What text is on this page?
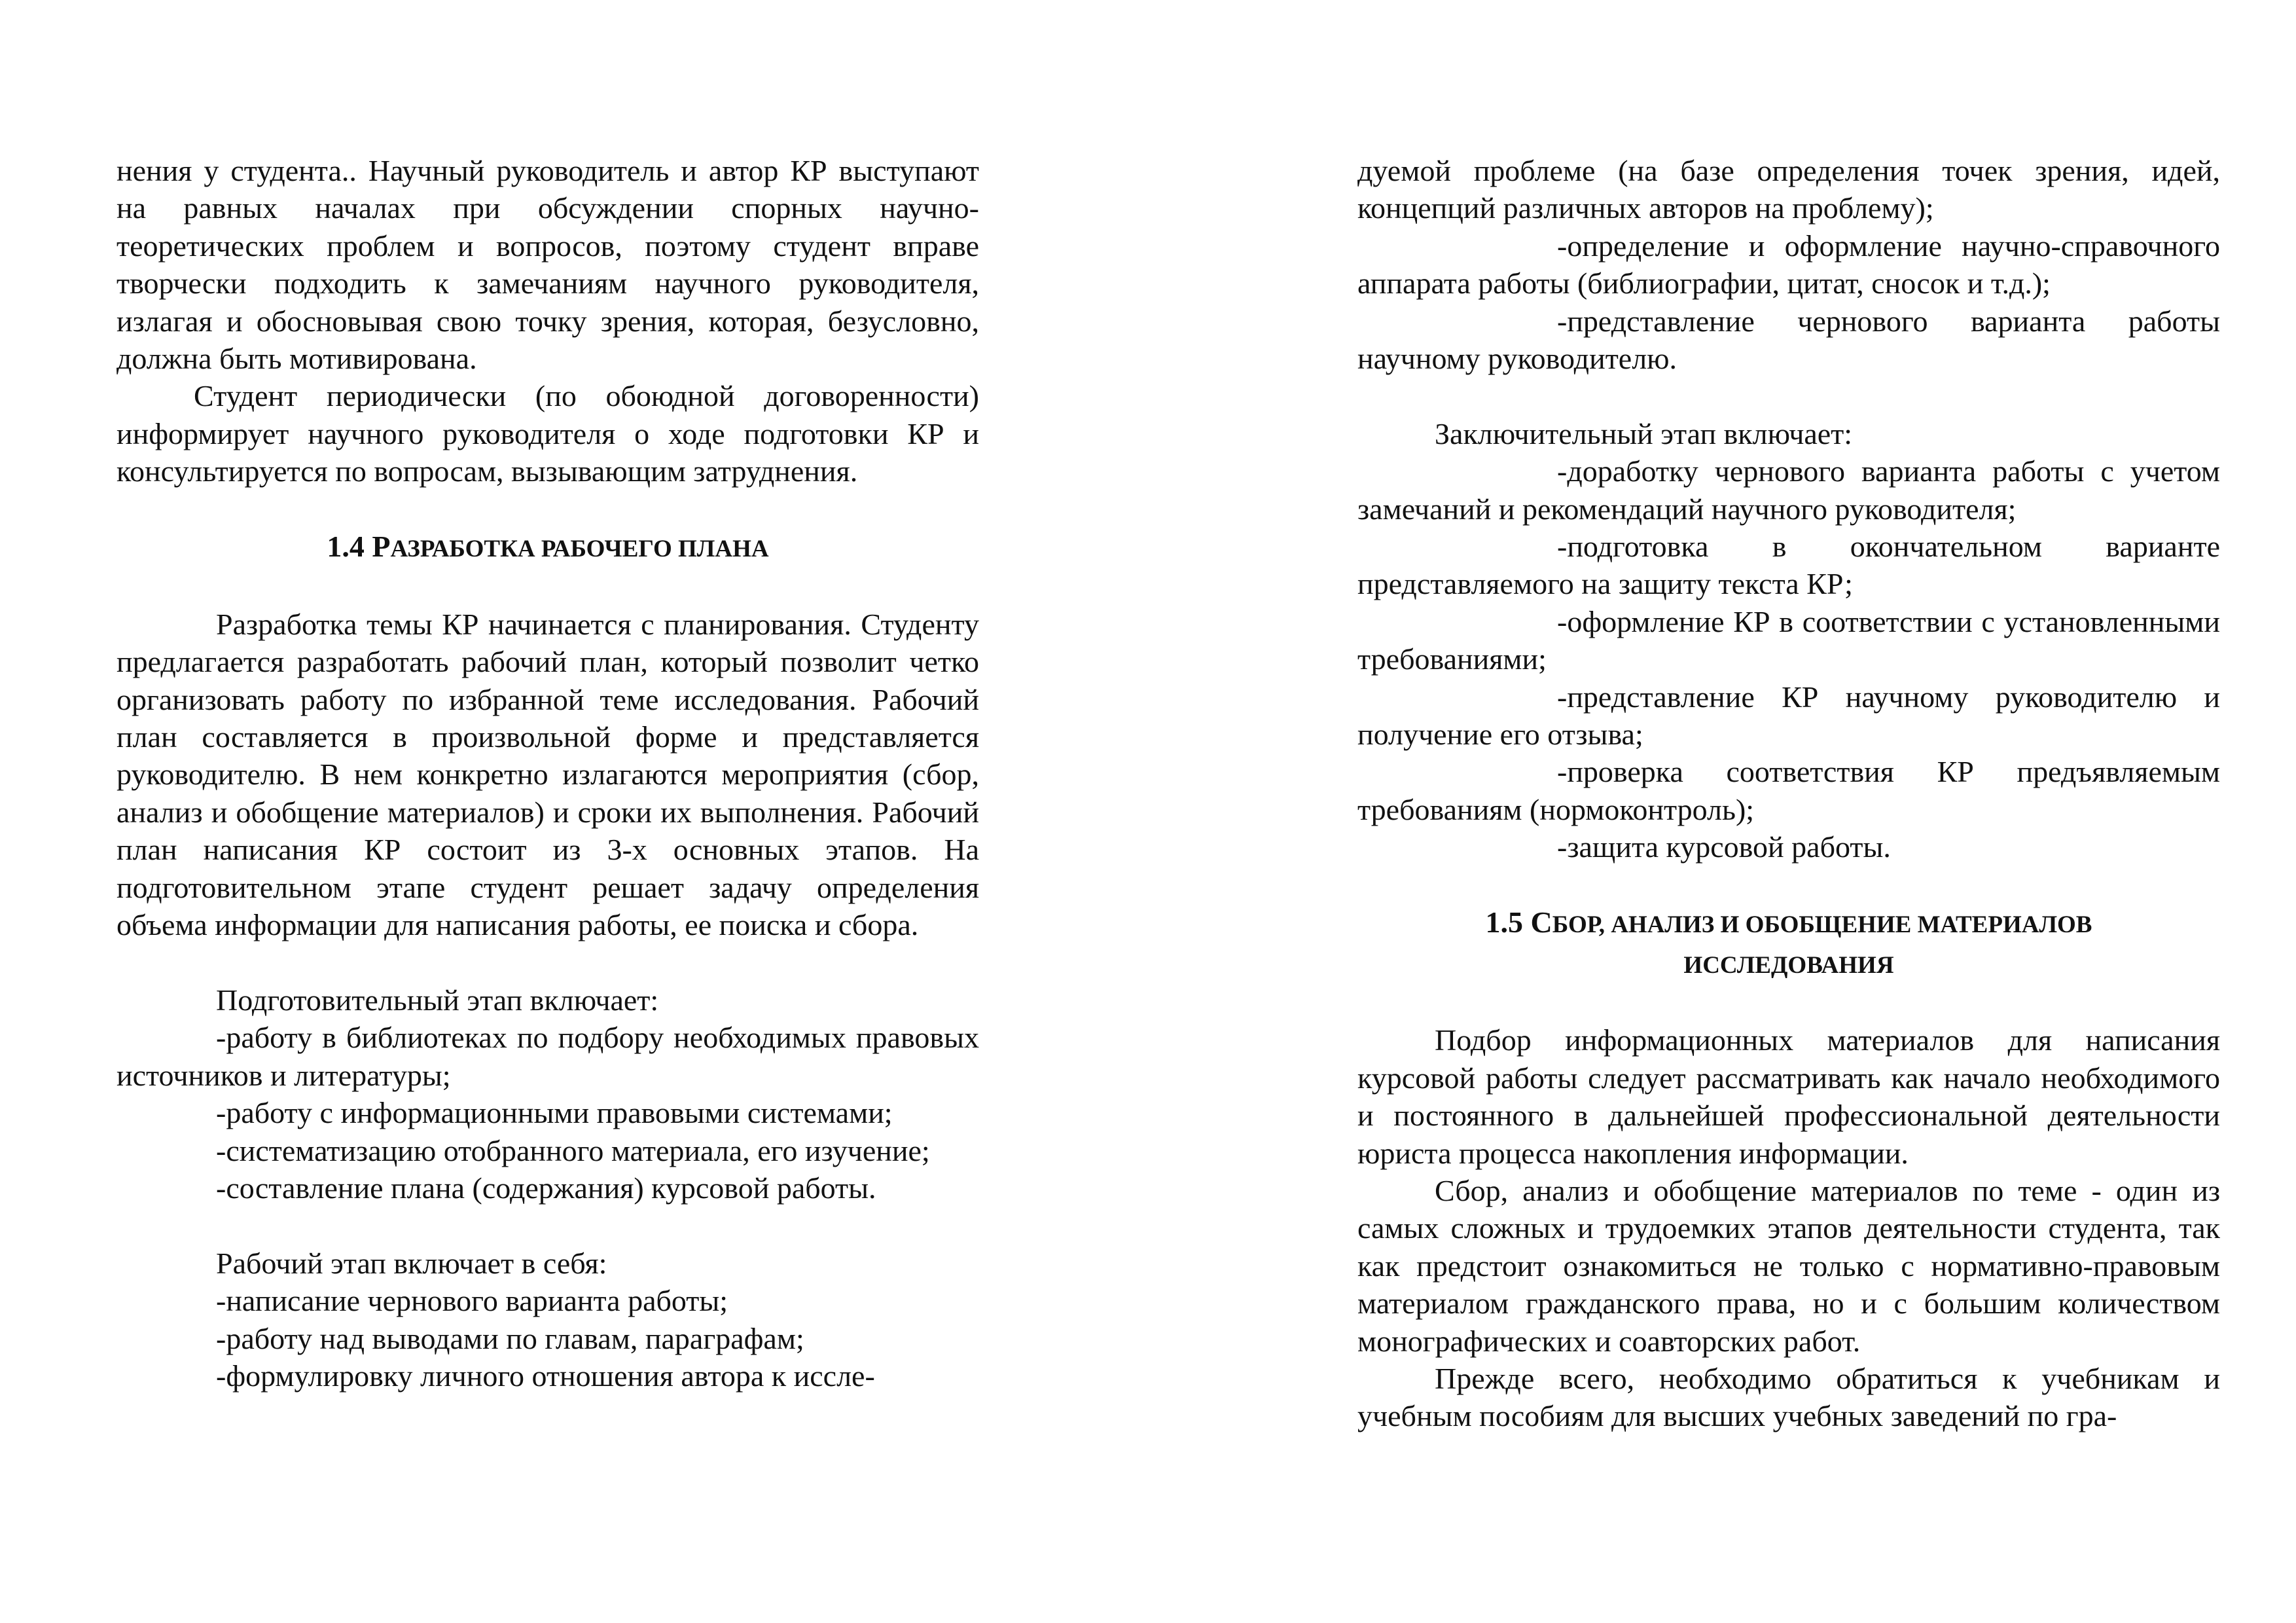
нения у студента.. Научный руководитель и автор КР выступают на равных началах при обсуждении спорных научно-теоретических проблем и вопросов, поэтому студент вправе творчески подходить к замечаниям научного руководителя, излагая и обосновывая свою точку зрения, которая, безусловно, должна быть мотивирована.

Студент периодически (по обоюдной договоренности) информирует научного руководителя о ходе подготовки КР и консультируется по вопросам, вызывающим затруднения.

1.4 РАЗРАБОТКА РАБОЧЕГО ПЛАНА

Разработка темы КР начинается с планирования. Студенту предлагается разработать рабочий план, который позволит четко организовать работу по избранной теме исследования. Рабочий план составляется в произвольной форме и представляется руководителю. В нем конкретно излагаются мероприятия (сбор, анализ и обобщение материалов) и сроки их выполнения. Рабочий план написания КР состоит из 3-х основных этапов. На подготовительном этапе студент решает задачу определения объема информации для написания работы, ее поиска и сбора.

Подготовительный этап включает:

-работу в библиотеках по подбору необходимых правовых источников и литературы;

-работу с информационными правовыми системами;

-систематизацию отобранного материала, его изучение;

-составление плана (содержания) курсовой работы.

Рабочий этап включает в себя:

-написание чернового варианта работы;

-работу над выводами по главам, параграфам;

-формулировку личного отношения автора к иссле-

дуемой проблеме (на базе определения точек зрения, идей, концепций различных авторов на проблему);

-определение и оформление научно-справочного аппарата работы (библиографии, цитат, сносок и т.д.);

-представление чернового варианта работы научному руководителю.

Заключительный этап включает:

-доработку чернового варианта работы с учетом замечаний и рекомендаций научного руководителя;

-подготовка в окончательном варианте представляемого на защиту текста КР;

-оформление КР в соответствии с установленными требованиями;

-представление КР научному руководителю и получение его отзыва;

-проверка соответствия КР предъявляемым требованиям (нормоконтроль);

-защита курсовой работы.

1.5 СБОР, АНАЛИЗ И ОБОБЩЕНИЕ МАТЕРИАЛОВ
ИССЛЕДОВАНИЯ

Подбор информационных материалов для написания курсовой работы следует рассматривать как начало необходимого и постоянного в дальнейшей профессиональной деятельности юриста процесса накопления информации.

Сбор, анализ и обобщение материалов по теме - один из самых сложных и трудоемких этапов деятельности студента, так как предстоит ознакомиться не только с нормативно-правовым материалом гражданского права, но и с большим количеством монографических и соавторских работ.

Прежде всего, необходимо обратиться к учебникам и учебным пособиям для высших учебных заведений по гра-
